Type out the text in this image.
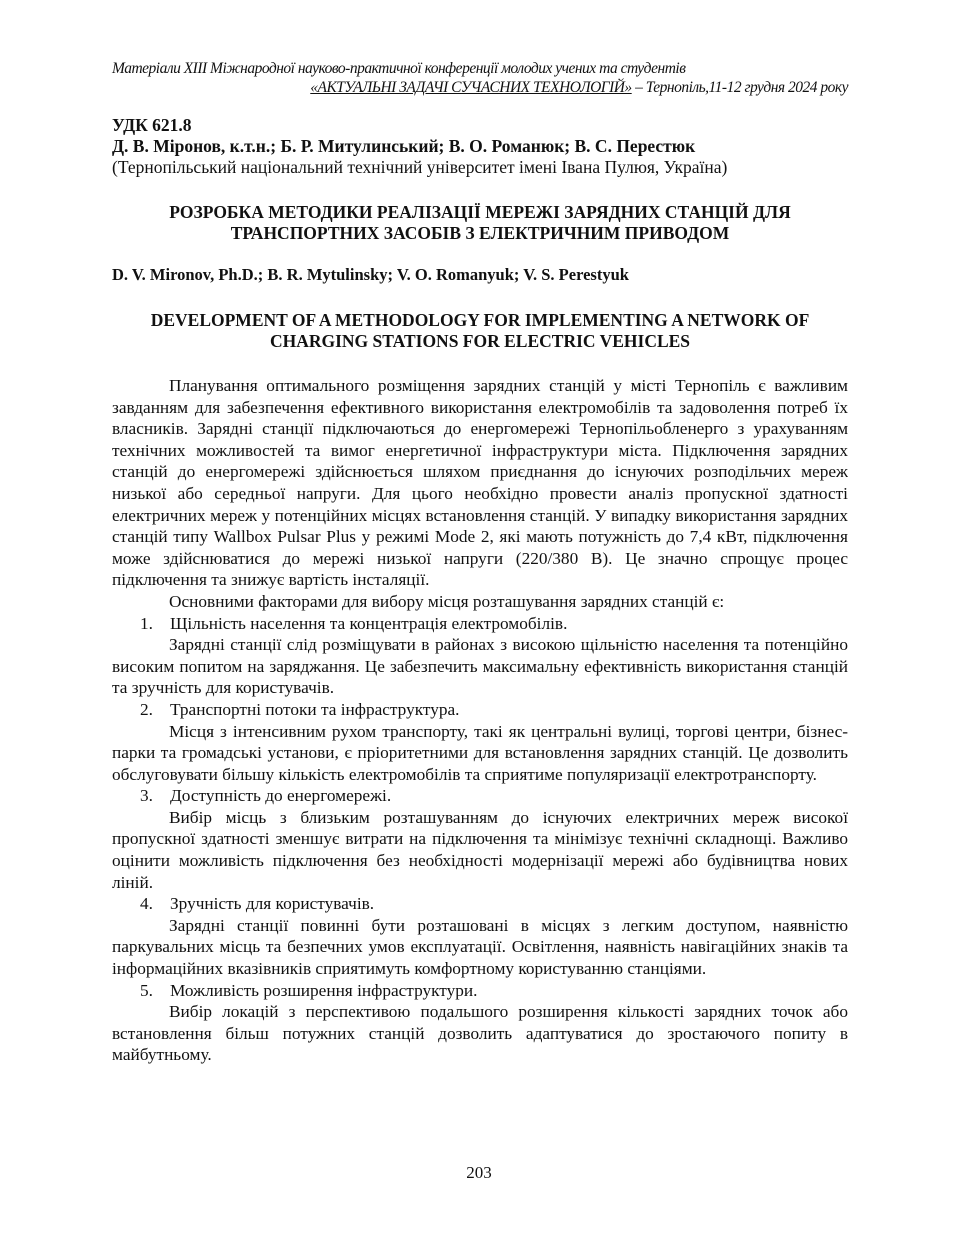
Матеріали XIII Міжнародної науково-практичної конференції молодих учених та студентів
«АКТУАЛЬНІ ЗАДАЧІ СУЧАСНИХ ТЕХНОЛОГІЙ» – Тернопіль,11-12 грудня 2024 року
УДК 621.8
Д. В. Міронов, к.т.н.; Б. Р. Митулинський; В. О. Романюк; В. С. Перестюк
(Тернопільський національний технічний університет імені Івана Пулюя, Україна)
РОЗРОБКА МЕТОДИКИ РЕАЛІЗАЦІЇ МЕРЕЖІ ЗАРЯДНИХ СТАНЦІЙ ДЛЯ
ТРАНСПОРТНИХ ЗАСОБІВ З ЕЛЕКТРИЧНИМ ПРИВОДОМ
D. V. Mironov, Ph.D.; B. R. Mytulinsky; V. O. Romanyuk; V. S. Perestyuk
DEVELOPMENT OF A METHODOLOGY FOR IMPLEMENTING A NETWORK OF
CHARGING STATIONS FOR ELECTRIC VEHICLES

Планування оптимального розміщення зарядних станцій у місті Тернопіль є важливим завданням для забезпечення ефективного використання електромобілів та задоволення потреб їх власників. Зарядні станції підключаються до енергомережі Тернопільобленерго з урахуванням технічних можливостей та вимог енергетичної інфраструктури міста. Підключення зарядних станцій до енергомережі здійснюється шляхом приєднання до існуючих розподільчих мереж низької або середньої напруги. Для цього необхідно провести аналіз пропускної здатності електричних мереж у потенційних місцях встановлення станцій. У випадку використання зарядних станцій типу Wallbox Pulsar Plus у режимі Mode 2, які мають потужність до 7,4 кВт, підключення може здійснюватися до мережі низької напруги (220/380 В). Це значно спрощує процес підключення та знижує вартість інсталяції.

Основними факторами для вибору місця розташування зарядних станцій є:

1. Щільність населення та концентрація електромобілів.

Зарядні станції слід розміщувати в районах з високою щільністю населення та потенційно високим попитом на заряджання. Це забезпечить максимальну ефективність використання станцій та зручність для користувачів.

2. Транспортні потоки та інфраструктура.

Місця з інтенсивним рухом транспорту, такі як центральні вулиці, торгові центри, бізнес-парки та громадські установи, є пріоритетними для встановлення зарядних станцій. Це дозволить обслуговувати більшу кількість електромобілів та сприятиме популяризації електротранспорту.

3. Доступність до енергомережі.

Вибір місць з близьким розташуванням до існуючих електричних мереж високої пропускної здатності зменшує витрати на підключення та мінімізує технічні складнощі. Важливо оцінити можливість підключення без необхідності модернізації мережі або будівництва нових ліній.

4. Зручність для користувачів.

Зарядні станції повинні бути розташовані в місцях з легким доступом, наявністю паркувальних місць та безпечних умов експлуатації. Освітлення, наявність навігаційних знаків та інформаційних вказівників сприятимуть комфортному користуванню станціями.

5. Можливість розширення інфраструктури.

Вибір локацій з перспективою подальшого розширення кількості зарядних точок або встановлення більш потужних станцій дозволить адаптуватися до зростаючого попиту в майбутньому.

203
